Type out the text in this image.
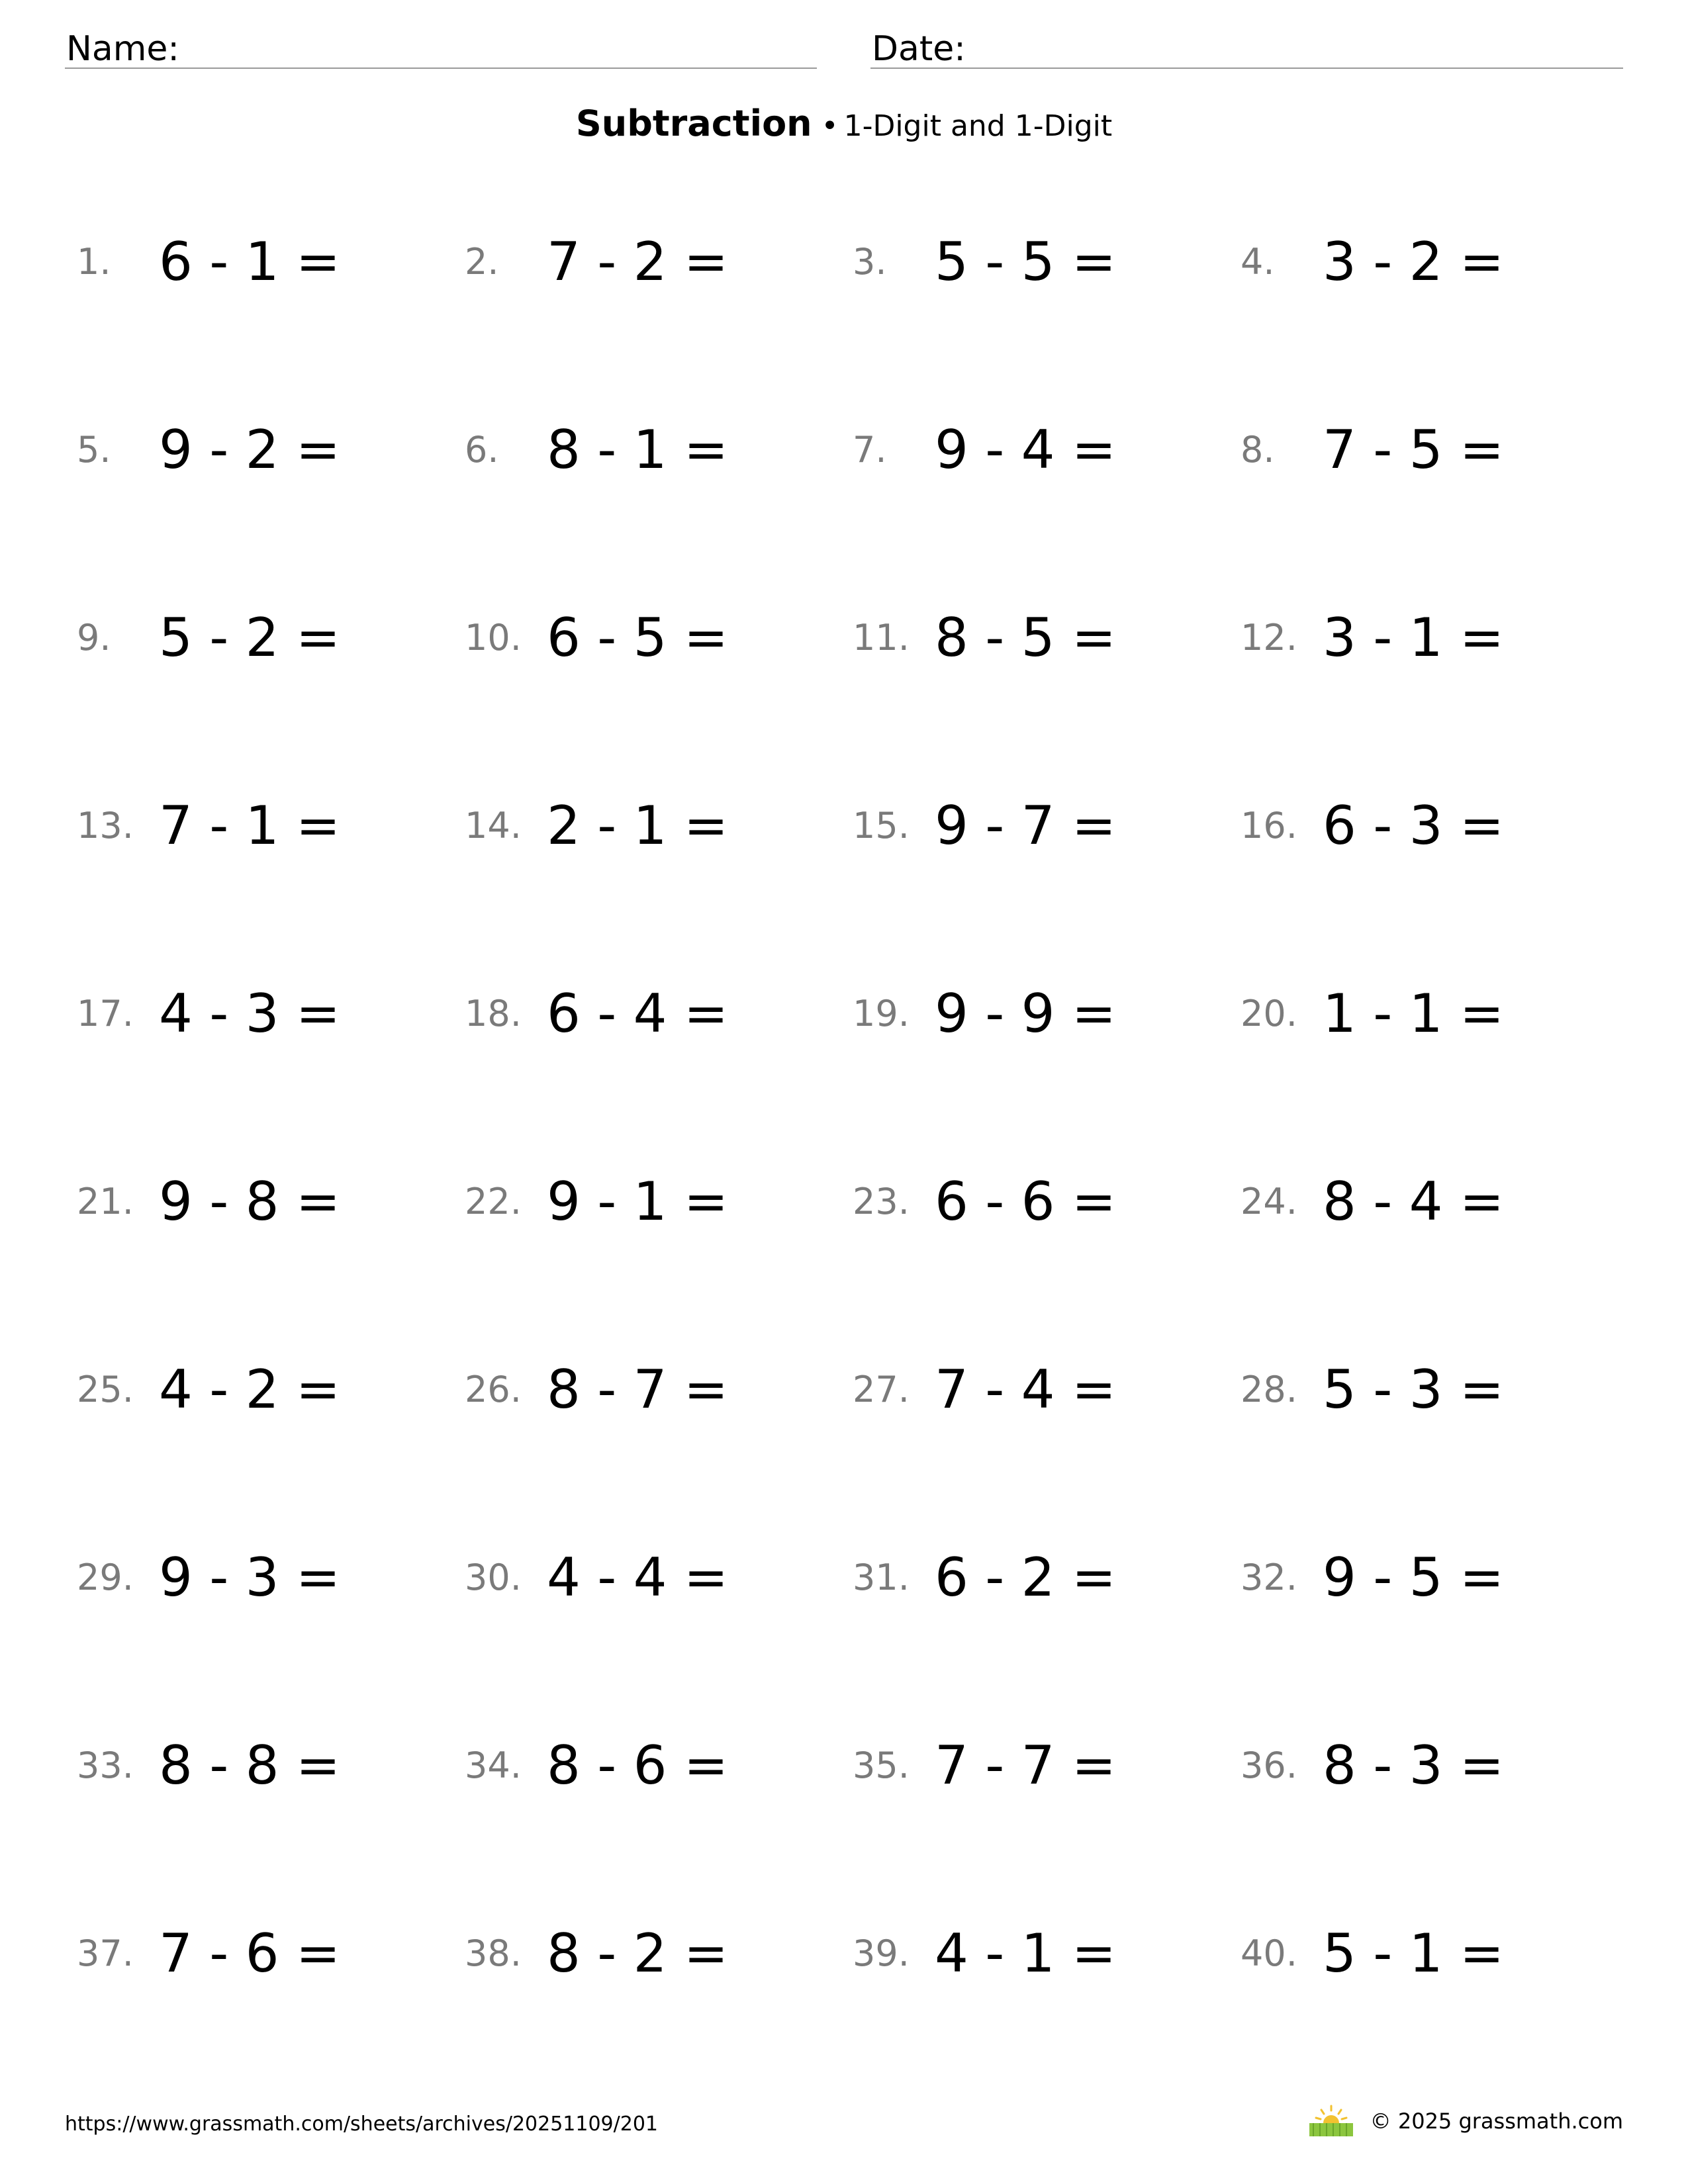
Name:	Date:
Subtraction • 1-Digit and 1-Digit
1. 6 - 1 =	2. 7 - 2 =	3. 5 - 5 =	4. 3 - 2 =
5. 9 - 2 =	6. 8 - 1 =	7. 9 - 4 =	8. 7 - 5 =
9. 5 - 2 =	10. 6 - 5 =	11. 8 - 5 =	12. 3 - 1 =
13. 7 - 1 =	14. 2 - 1 =	15. 9 - 7 =	16. 6 - 3 =
17. 4 - 3 =	18. 6 - 4 =	19. 9 - 9 =	20. 1 - 1 =
21. 9 - 8 =	22. 9 - 1 =	23. 6 - 6 =	24. 8 - 4 =
25. 4 - 2 =	26. 8 - 7 =	27. 7 - 4 =	28. 5 - 3 =
29. 9 - 3 =	30. 4 - 4 =	31. 6 - 2 =	32. 9 - 5 =
33. 8 - 8 =	34. 8 - 6 =	35. 7 - 7 =	36. 8 - 3 =
37. 7 - 6 =	38. 8 - 2 =	39. 4 - 1 =	40. 5 - 1 =
https://www.grassmath.com/sheets/archives/20251109/201	© 2025 grassmath.com
